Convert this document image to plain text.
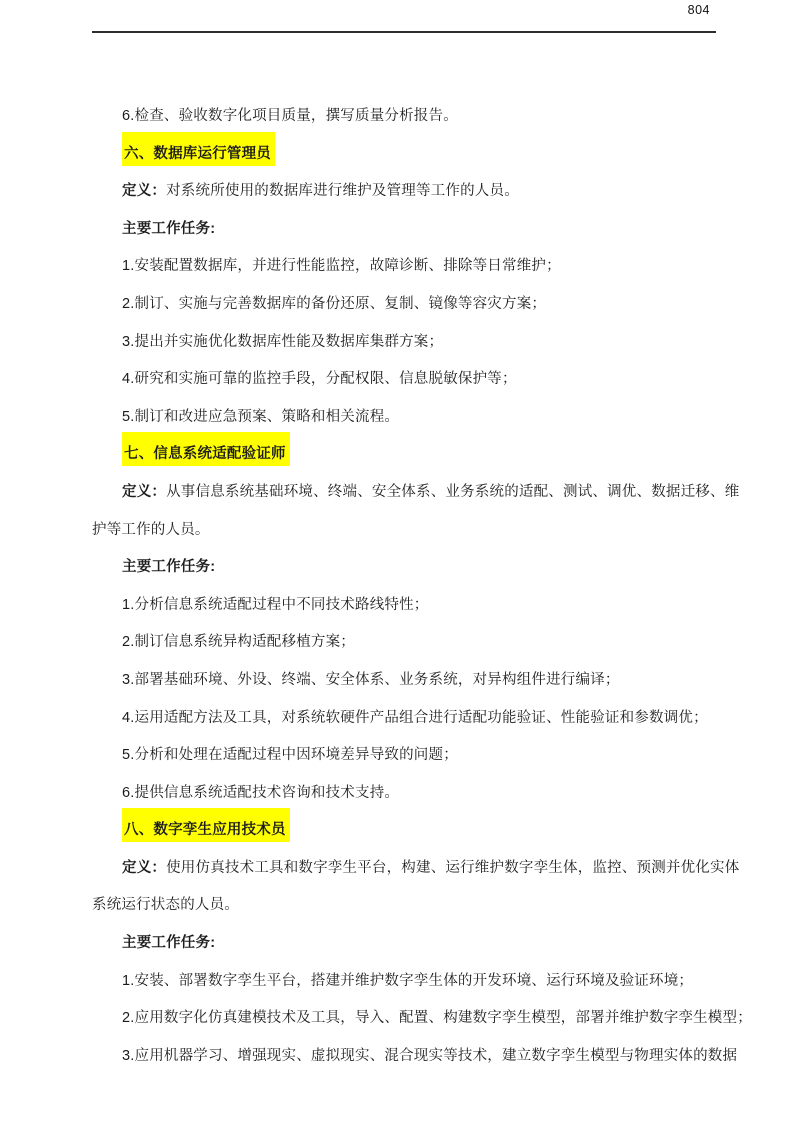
804
6.检查、验收数字化项目质量，撰写质量分析报告。
六、数据库运行管理员
定义：对系统所使用的数据库进行维护及管理等工作的人员。
主要工作任务:
1.安装配置数据库，并进行性能监控，故障诊断、排除等日常维护；
2.制订、实施与完善数据库的备份还原、复制、镜像等容灾方案；
3.提出并实施优化数据库性能及数据库集群方案；
4.研究和实施可靠的监控手段，分配权限、信息脱敏保护等；
5.制订和改进应急预案、策略和相关流程。
七、信息系统适配验证师
定义：从事信息系统基础环境、终端、安全体系、业务系统的适配、测试、调优、数据迁移、维
护等工作的人员。
主要工作任务:
1.分析信息系统适配过程中不同技术路线特性；
2.制订信息系统异构适配移植方案；
3.部署基础环境、外设、终端、安全体系、业务系统，对异构组件进行编译；
4.运用适配方法及工具，对系统软硬件产品组合进行适配功能验证、性能验证和参数调优；
5.分析和处理在适配过程中因环境差异导致的问题；
6.提供信息系统适配技术咨询和技术支持。
八、数字孪生应用技术员
定义：使用仿真技术工具和数字孪生平台，构建、运行维护数字孪生体，监控、预测并优化实体
系统运行状态的人员。
主要工作任务:
1.安装、部署数字孪生平台，搭建并维护数字孪生体的开发环境、运行环境及验证环境；
2.应用数字化仿真建模技术及工具，导入、配置、构建数字孪生模型，部署并维护数字孪生模型；
3.应用机器学习、增强现实、虚拟现实、混合现实等技术，建立数字孪生模型与物理实体的数据
